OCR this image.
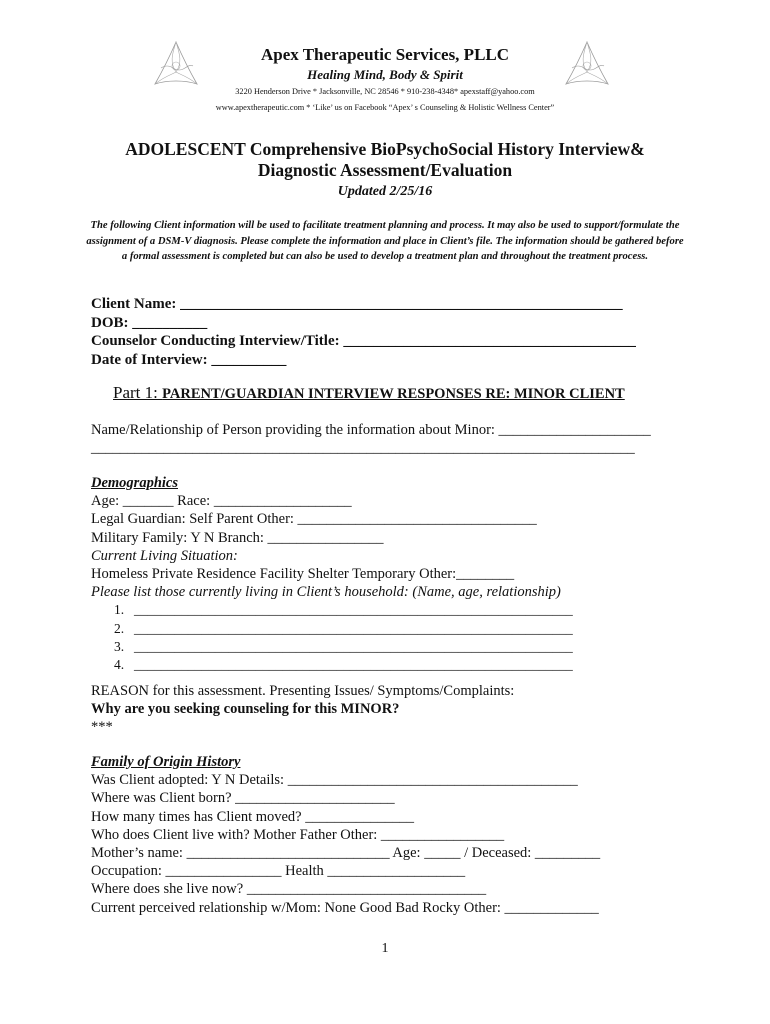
Apex Therapeutic Services, PLLC
Healing Mind, Body & Spirit
3220 Henderson Drive * Jacksonville, NC 28546 * 910-238-4348* apexstaff@yahoo.com
www.apextherapeutic.com * ‘Like’ us on Facebook “Apex’ s Counseling & Holistic Wellness Center”
ADOLESCENT Comprehensive BioPsychoSocial History Interview&
Diagnostic Assessment/Evaluation
Updated 2/25/16
The following Client information will be used to facilitate treatment planning and process. It may also be used to support/formulate the assignment of a DSM-V diagnosis. Please complete the information and place in Client’s file. The information should be gathered before a formal assessment is completed but can also be used to develop a treatment plan and throughout the treatment process.
Client Name: ___________________________________________________________
DOB: __________
Counselor Conducting Interview/Title: _______________________________________
Date of Interview: __________
Part 1: PARENT/GUARDIAN INTERVIEW RESPONSES RE: MINOR CLIENT
Name/Relationship of Person providing the information about Minor: _____________________
___________________________________________________________________________
Demographics
Age: _______ Race: ___________________
Legal Guardian: Self Parent Other: _________________________________
Military Family: Y N Branch: ________________
Current Living Situation:
Homeless Private Residence Facility Shelter Temporary Other:________
Please list those currently living in Client’s household: (Name, age, relationship)
1. _________________________________________________________________
2. _________________________________________________________________
3. _________________________________________________________________
4. _________________________________________________________________
REASON for this assessment. Presenting Issues/ Symptoms/Complaints:
Why are you seeking counseling for this MINOR?
***
Family of Origin History
Was Client adopted: Y N Details: ________________________________________
Where was Client born? ______________________
How many times has Client moved? _______________
Who does Client live with? Mother Father Other: _________________
Mother’s name: ____________________________ Age: _____ / Deceased: _________
Occupation: ________________ Health ___________________
Where does she live now? _________________________________
Current perceived relationship w/Mom: None Good Bad Rocky Other: _____________
1
